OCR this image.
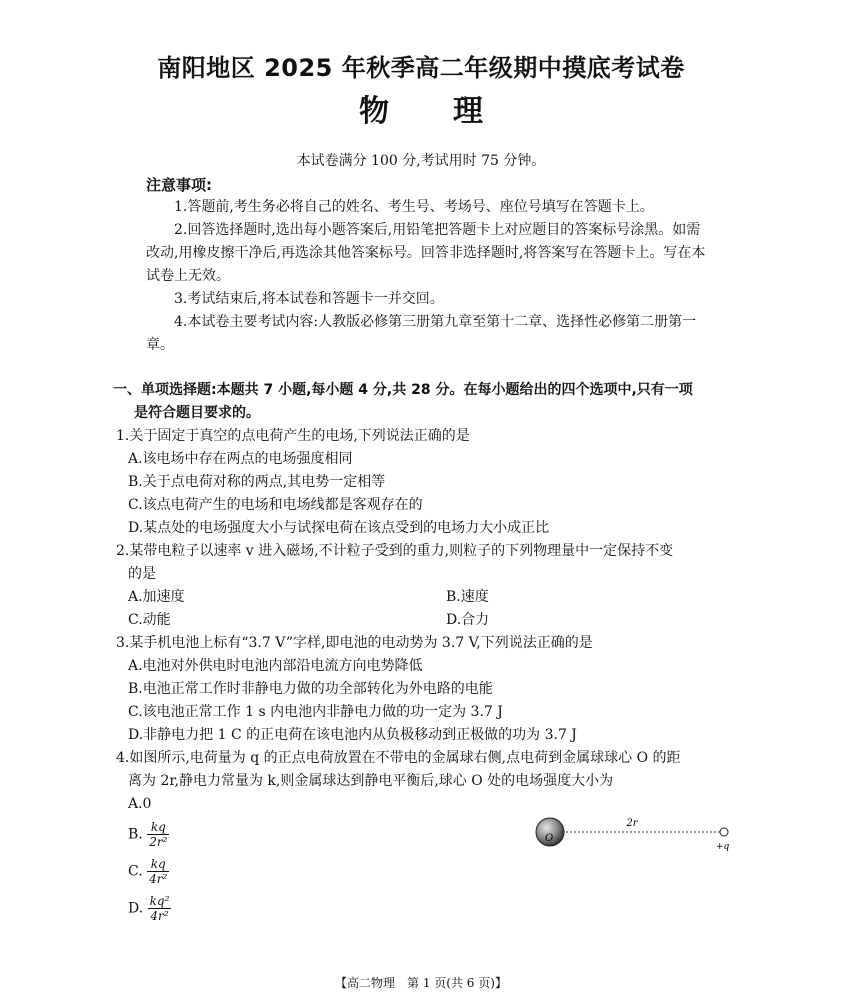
南阳地区 2025 年秋季高二年级期中摸底考试卷
物理
本试卷满分 100 分,考试用时 75 分钟。
注意事项:

1.答题前,考生务必将自己的姓名、考生号、考场号、座位号填写在答题卡上。

2.回答选择题时,选出每小题答案后,用铅笔把答题卡上对应题目的答案标号涂黑。如需改动,用橡皮擦干净后,再选涂其他答案标号。回答非选择题时,将答案写在答题卡上。写在本试卷上无效。

3.考试结束后,将本试卷和答题卡一并交回。

4.本试卷主要考试内容:人教版必修第三册第九章至第十二章、选择性必修第二册第一章。

一、单项选择题:本题共 7 小题,每小题 4 分,共 28 分。在每小题给出的四个选项中,只有一项
是符合题目要求的。

1.关于固定于真空的点电荷产生的电场,下列说法正确的是

A.该电场中存在两点的电场强度相同

B.关于点电荷对称的两点,其电势一定相等

C.该点电荷产生的电场和电场线都是客观存在的

D.某点处的电场强度大小与试探电荷在该点受到的电场力大小成正比

2.某带电粒子以速率 v 进入磁场,不计粒子受到的重力,则粒子的下列物理量中一定保持不变
的是

A.加速度	B.速度

C.动能	D.合力

3.某手机电池上标有“3.7 V”字样,即电池的电动势为 3.7 V,下列说法正确的是

A.电池对外供电时电池内部沿电流方向电势降低

B.电池正常工作时非静电力做的功全部转化为外电路的电能

C.该电池正常工作 1 s 内电池内非静电力做的功一定为 3.7 J

D.非静电力把 1 C 的正电荷在该电池内从负极移动到正极做的功为 3.7 J

4.如图所示,电荷量为 q 的正点电荷放置在不带电的金属球右侧,点电荷到金属球球心 O 的距
离为 2r,静电力常量为 k,则金属球达到静电平衡后,球心 O 处的电场强度大小为

A.0

B. $\frac{kq}{\text{2r²}}$

C. $\frac{kq}{\text{4r²}}$

D. $\frac{\text{kq²}}{\text{4r²}}$

2r
O
+q
【高二物理　第 1 页(共 6 页)】
